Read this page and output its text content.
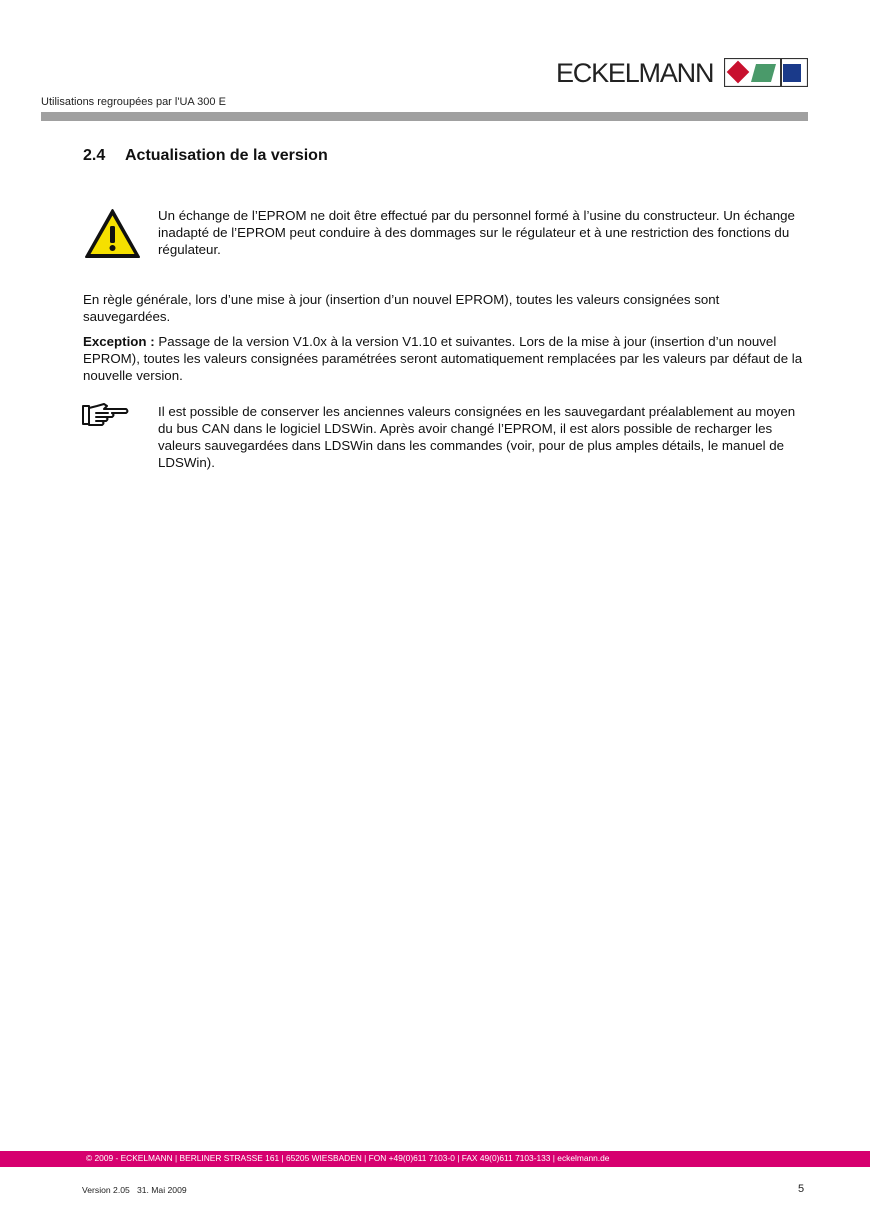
ECKELMANN
Utilisations regroupées par l'UA 300 E
2.4 Actualisation de la version

Un échange de l’EPROM ne doit être effectué par du personnel formé à l’usine du constructeur. Un échange inadapté de l’EPROM peut conduire à des dommages sur le régulateur et à une restriction des fonctions du régulateur.

En règle générale, lors d’une mise à jour (insertion d’un nouvel EPROM), toutes les valeurs consignées sont sauvegardées.

Exception : Passage de la version V1.0x à la version V1.10 et suivantes. Lors de la mise à jour (insertion d’un nouvel EPROM), toutes les valeurs consignées paramétrées seront automatiquement remplacées par les valeurs par défaut de la nouvelle version.

Il est possible de conserver les anciennes valeurs consignées en les sauvegardant préalablement au moyen du bus CAN dans le logiciel LDSWin. Après avoir changé l’EPROM, il est alors possible de recharger les valeurs sauvegardées dans LDSWin dans les commandes (voir, pour de plus amples détails, le manuel de LDSWin).

© 2009 - ECKELMANN | BERLINER STRASSE 161 | 65205 WIESBADEN | FON +49(0)611 7103-0 | FAX 49(0)611 7103-133 | eckelmann.de
Version 2.05   31. Mai 2009	5
